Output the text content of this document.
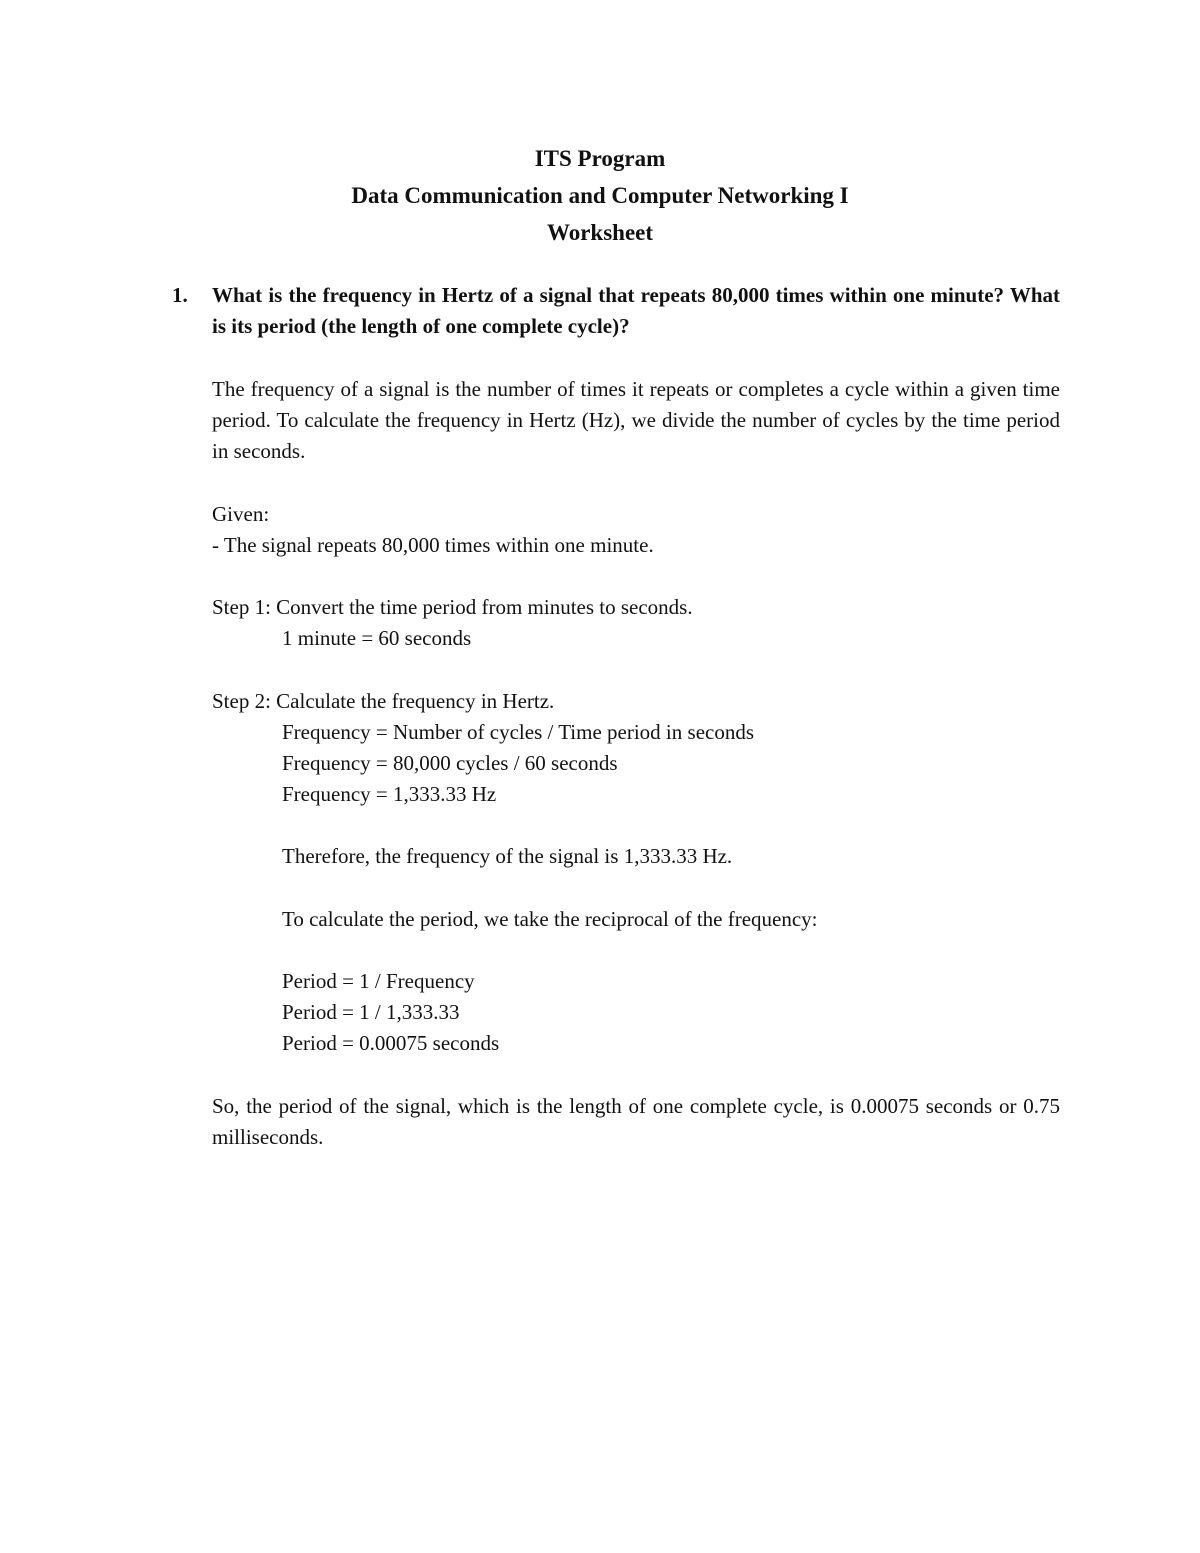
ITS Program
Data Communication and Computer Networking I
Worksheet
1. What is the frequency in Hertz of a signal that repeats 80,000 times within one minute? What is its period (the length of one complete cycle)?
The frequency of a signal is the number of times it repeats or completes a cycle within a given time period. To calculate the frequency in Hertz (Hz), we divide the number of cycles by the time period in seconds.
Given:
- The signal repeats 80,000 times within one minute.
Step 1: Convert the time period from minutes to seconds.
1 minute = 60 seconds
Step 2: Calculate the frequency in Hertz.
Frequency = Number of cycles / Time period in seconds
Frequency = 80,000 cycles / 60 seconds
Frequency = 1,333.33 Hz
Therefore, the frequency of the signal is 1,333.33 Hz.
To calculate the period, we take the reciprocal of the frequency:
Period = 1 / Frequency
Period = 1 / 1,333.33
Period = 0.00075 seconds
So, the period of the signal, which is the length of one complete cycle, is 0.00075 seconds or 0.75 milliseconds.
